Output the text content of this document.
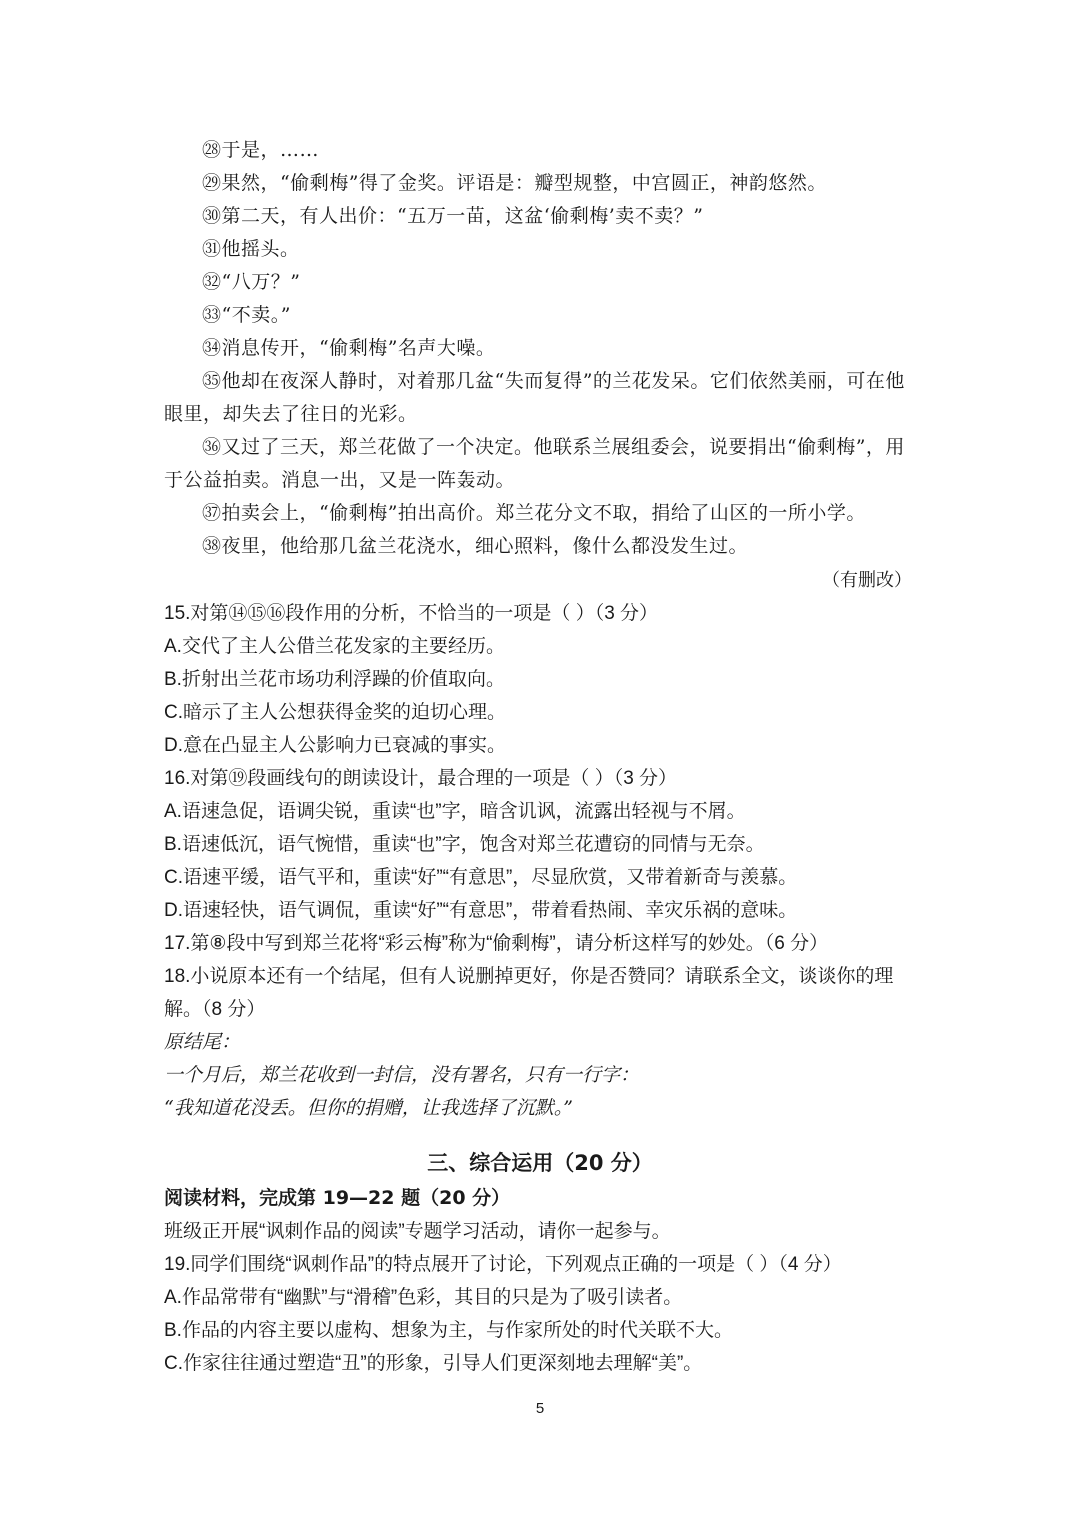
㉘于是，……

㉙果然，“偷剩梅”得了金奖。评语是：瓣型规整，中宫圆正，神韵悠然。

㉚第二天，有人出价：“五万一苗，这盆‘偷剩梅’卖不卖？”

㉛他摇头。

㉜“八万？”

㉝“不卖。”

㉞消息传开，“偷剩梅”名声大噪。

㉟他却在夜深人静时，对着那几盆“失而复得”的兰花发呆。它们依然美丽，可在他眼里，却失去了往日的光彩。

㊱又过了三天，郑兰花做了一个决定。他联系兰展组委会，说要捐出“偷剩梅”，用于公益拍卖。消息一出，又是一阵轰动。

㊲拍卖会上，“偷剩梅”拍出高价。郑兰花分文不取，捐给了山区的一所小学。

㊳夜里，他给那几盆兰花浇水，细心照料，像什么都没发生过。

（有删改）

15.对第⑭⑮⑯段作用的分析，不恰当的一项是（ ）（3 分）

A.交代了主人公借兰花发家的主要经历。

B.折射出兰花市场功利浮躁的价值取向。

C.暗示了主人公想获得金奖的迫切心理。

D.意在凸显主人公影响力已衰减的事实。

16.对第⑲段画线句的朗读设计，最合理的一项是（ ）（3 分）

A.语速急促，语调尖锐，重读“也”字，暗含讥讽，流露出轻视与不屑。

B.语速低沉，语气惋惜，重读“也”字，饱含对郑兰花遭窃的同情与无奈。

C.语速平缓，语气平和，重读“好”“有意思”，尽显欣赏，又带着新奇与羡慕。

D.语速轻快，语气调侃，重读“好”“有意思”，带着看热闹、幸灾乐祸的意味。

17.第⑧段中写到郑兰花将“彩云梅”称为“偷剩梅”，请分析这样写的妙处。（6 分）

18.小说原本还有一个结尾，但有人说删掉更好，你是否赞同？请联系全文，谈谈你的理解。（8 分）

原结尾：

一个月后，郑兰花收到一封信，没有署名，只有一行字：

“我知道花没丢。但你的捐赠，让我选择了沉默。”

三、综合运用（20 分）

阅读材料，完成第 19—22 题（20 分）

班级正开展“讽刺作品的阅读”专题学习活动，请你一起参与。

19.同学们围绕“讽刺作品”的特点展开了讨论，下列观点正确的一项是（ ）（4 分）

A.作品常带有“幽默”与“滑稽”色彩，其目的只是为了吸引读者。

B.作品的内容主要以虚构、想象为主，与作家所处的时代关联不大。

C.作家往往通过塑造“丑”的形象，引导人们更深刻地去理解“美”。

5
